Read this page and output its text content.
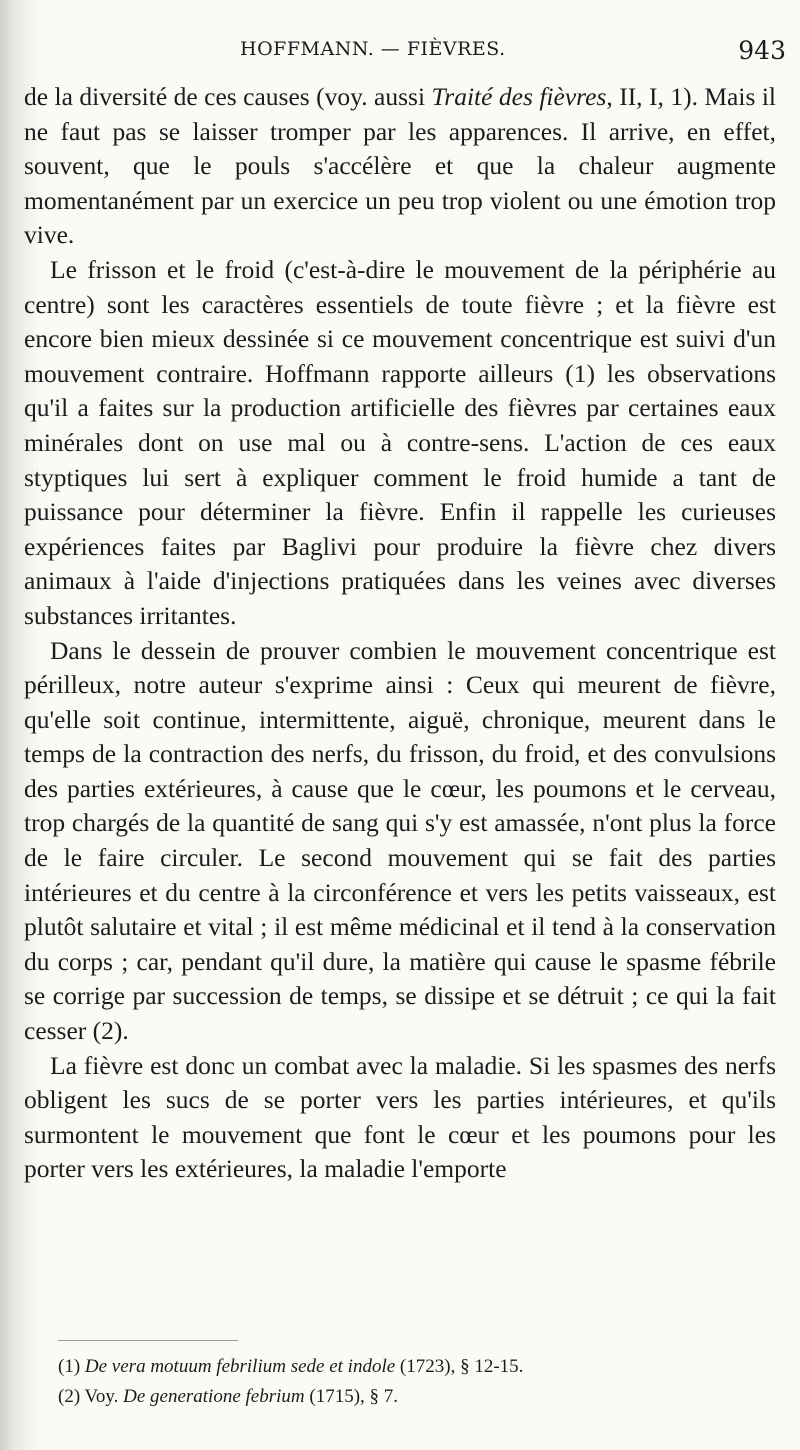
HOFFMANN. — FIÈVRES.	943

de la diversité de ces causes (voy. aussi Traité des fièvres, II, I, 1). Mais il ne faut pas se laisser tromper par les apparences. Il arrive, en effet, souvent, que le pouls s'accélère et que la chaleur augmente momentanément par un exercice un peu trop violent ou une émotion trop vive.

Le frisson et le froid (c'est-à-dire le mouvement de la périphérie au centre) sont les caractères essentiels de toute fièvre ; et la fièvre est encore bien mieux dessinée si ce mouvement concentrique est suivi d'un mouvement contraire. Hoffmann rapporte ailleurs (1) les observations qu'il a faites sur la production artificielle des fièvres par certaines eaux minérales dont on use mal ou à contre-sens. L'action de ces eaux styptiques lui sert à expliquer comment le froid humide a tant de puissance pour déterminer la fièvre. Enfin il rappelle les curieuses expériences faites par Baglivi pour produire la fièvre chez divers animaux à l'aide d'injections pratiquées dans les veines avec diverses substances irritantes.

Dans le dessein de prouver combien le mouvement concentrique est périlleux, notre auteur s'exprime ainsi : Ceux qui meurent de fièvre, qu'elle soit continue, intermittente, aiguë, chronique, meurent dans le temps de la contraction des nerfs, du frisson, du froid, et des convulsions des parties extérieures, à cause que le cœur, les poumons et le cerveau, trop chargés de la quantité de sang qui s'y est amassée, n'ont plus la force de le faire circuler. Le second mouvement qui se fait des parties intérieures et du centre à la circonférence et vers les petits vaisseaux, est plutôt salutaire et vital ; il est même médicinal et il tend à la conservation du corps ; car, pendant qu'il dure, la matière qui cause le spasme fébrile se corrige par succession de temps, se dissipe et se détruit ; ce qui la fait cesser (2).

La fièvre est donc un combat avec la maladie. Si les spasmes des nerfs obligent les sucs de se porter vers les parties intérieures, et qu'ils surmontent le mouvement que font le cœur et les poumons pour les porter vers les extérieures, la maladie l'emporte

(1) De vera motuum febrilium sede et indole (1723), § 12-15.
(2) Voy. De generatione febrium (1715), § 7.
